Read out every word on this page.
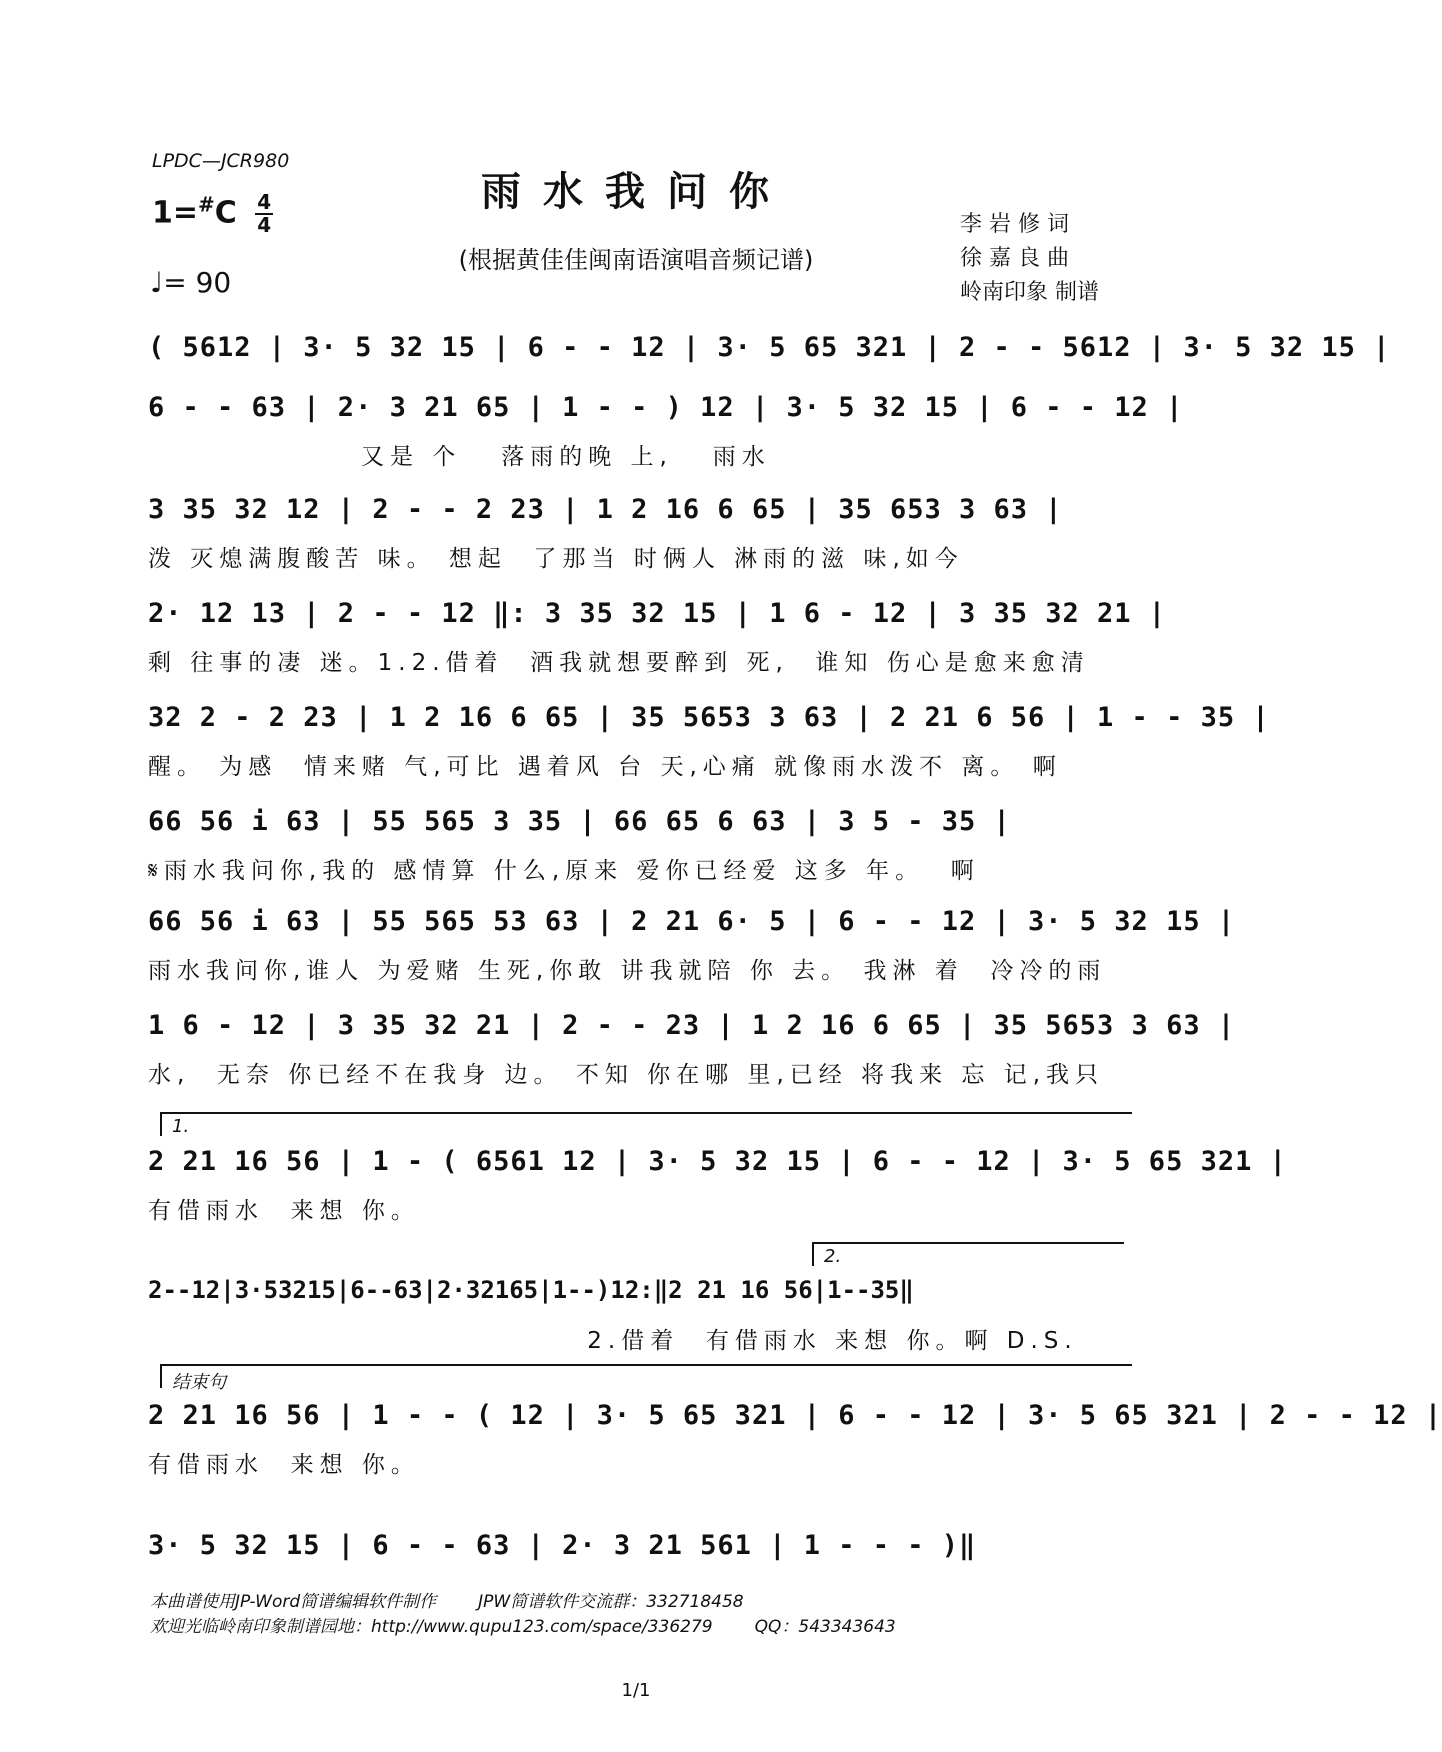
LPDC—JCR980
雨水我问你
(根据黄佳佳闽南语演唱音频记谱)
$1=^{\#}C \frac{4}{4}$
♩= 90
李 岩 修 词
徐 嘉 良 曲
岭南印象 制谱
( 5612 | 3· 5 32 15 | 6 - - 12 | 3· 5 65 321 | 2 - - 5612 | 3· 5 32 15 |
6 - - 63 | 2· 3 21 65 | 1 - - ) 12 | 3· 5 32 15 | 6 - - 12 |
又是 个   落雨的晚 上,   雨水
3 35 32 12 | 2 - - 2 23 | 1 2 16 6 65 | 35 653 3 63 |
泼 灭熄满腹酸苦 味。 想起  了那当 时俩人 淋雨的滋 味,如今
2· 12 13 | 2 - - 12 ‖: 3 35 32 15 | 1 6 - 12 | 3 35 32 21 |
剩 往事的凄 迷。1.2.借着  酒我就想要醉到 死,  谁知 伤心是愈来愈清
32 2 - 2 23 | 1 2 16 6 65 | 35 5653 3 63 | 2 21 6 56 | 1 - - 35 |
醒。 为感  情来赌 气,可比 遇着风 台 天,心痛 就像雨水泼不 离。 啊
66 56 i 63 | 55 565 3 35 | 66 65 6 63 | 3 5 - 35 |
𝄋雨水我问你,我的 感情算 什么,原来 爱你已经爱 这多 年。  啊
66 56 i 63 | 55 565 53 63 | 2 21 6· 5 | 6 - - 12 | 3· 5 32 15 |
雨水我问你,谁人 为爱赌 生死,你敢 讲我就陪 你 去。 我淋 着  冷冷的雨
1 6 - 12 | 3 35 32 21 | 2 - - 23 | 1 2 16 6 65 | 35 5653 3 63 |
水,  无奈 你已经不在我身 边。 不知 你在哪 里,已经 将我来 忘 记,我只
1.
2 21 16 56 | 1 - ( 6561 12 | 3· 5 32 15 | 6 - - 12 | 3· 5 65 321 |
有借雨水  来想 你。
2.
2--12|3·53215|6--63|2·32165|1--)12:‖2 21 16 56|1--35‖
2.借着  有借雨水 来想 你。啊 D.S.
结束句
2 21 16 56 | 1 - - ( 12 | 3· 5 65 321 | 6 - - 12 | 3· 5 65 321 | 2 - - 12 |
有借雨水  来想 你。
3· 5 32 15 | 6 - - 63 | 2· 3 21 561 | 1 - - - )‖
本曲谱使用JP-Word简谱编辑软件制作 JPW简谱软件交流群：332718458
欢迎光临岭南印象制谱园地：http://www.qupu123.com/space/336279 QQ：543343643
1/1
